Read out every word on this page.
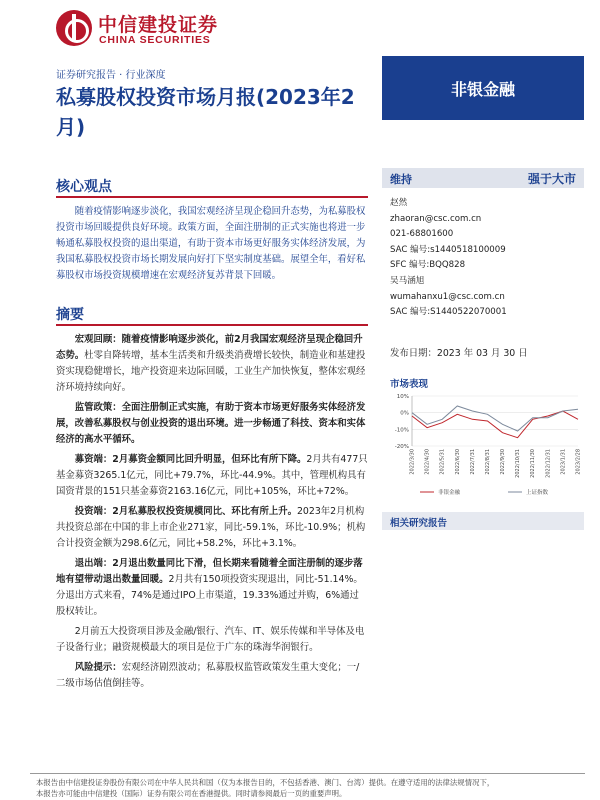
中信建投证券
CHINA SECURITIES
证券研究报告 · 行业深度
私募股权投资市场月报(2023年2月)
非银金融
核心观点
随着疫情影响逐步淡化，我国宏观经济呈现企稳回升态势，为私募股权投资市场回暖提供良好环境。政策方面，全面注册制的正式实施也将进一步畅通私募股权投资的退出渠道，有助于资本市场更好服务实体经济发展，为我国私募股权投资市场长期发展向好打下坚实制度基础。展望全年，看好私募股权市场投资规模增速在宏观经济复苏背景下回暖。
摘要

宏观回顾：随着疫情影响逐步淡化，前2月我国宏观经济呈现企稳回升态势。杜零自降转增，基本生活类和升级类消费增长较快，制造业和基建投资实现稳健增长，地产投资迎来边际回暖，工业生产加快恢复，整体宏观经济环境持续向好。

监管政策：全面注册制正式实施，有助于资本市场更好服务实体经济发展，改善私募股权与创业投资的退出环境。进一步畅通了科技、资本和实体经济的高水平循环。

募资端：2月募资金额同比回升明显，但环比有所下降。2月共有477只基金募资3265.1亿元，同比+79.7%，环比-44.9%。其中，管理机构具有国资背景的151只基金募资2163.16亿元，同比+105%，环比+72%。

投资端：2月私募股权投资规模同比、环比有所上升。2023年2月机构共投资总部在中国的非上市企业271家，同比-59.1%，环比-10.9%；机构合计投资金额为298.6亿元，同比+58.2%，环比+3.1%。

退出端：2月退出数量同比下滑，但长期来看随着全面注册制的逐步落地有望带动退出数量回暖。2月共有150项投资实现退出，同比-51.14%。分退出方式来看，74%是通过IPO上市渠道，19.33%通过并购，6%通过股权转让。

2月前五大投资项目涉及金融/银行、汽车、IT、娱乐传媒和半导体及电子设备行业；融资规模最大的项目是位于广东的珠海华润银行。

风险提示：宏观经济剧烈波动；私募股权监管政策发生重大变化；一/二级市场估值倒挂等。

维持	强于大市
赵然
zhaoran@csc.com.cn
021-68801600
SAC 编号:s1440518100009
SFC 编号:BQQ828
吴马涵旭
wumahanxu1@csc.com.cn
SAC 编号:S1440522070001
发布日期：2023 年 03 月 30 日
市场表现
10%
0%
-10%
-20%
2022/3/30 2022/4/30 2022/5/31 2022/6/30 2022/7/31 2022/8/31 2022/9/30 2022/10/31 2022/11/30 2022/12/31 2023/1/31 2023/2/28
非银金融	上证指数
相关研究报告
本报告由中信建投证券股份有限公司在中华人民共和国（仅为本报告目的，不包括香港、澳门、台湾）提供。在遵守适用的法律法规情况下，
本报告亦可能由中信建投（国际）证券有限公司在香港提供。同时请参阅最后一页的重要声明。
